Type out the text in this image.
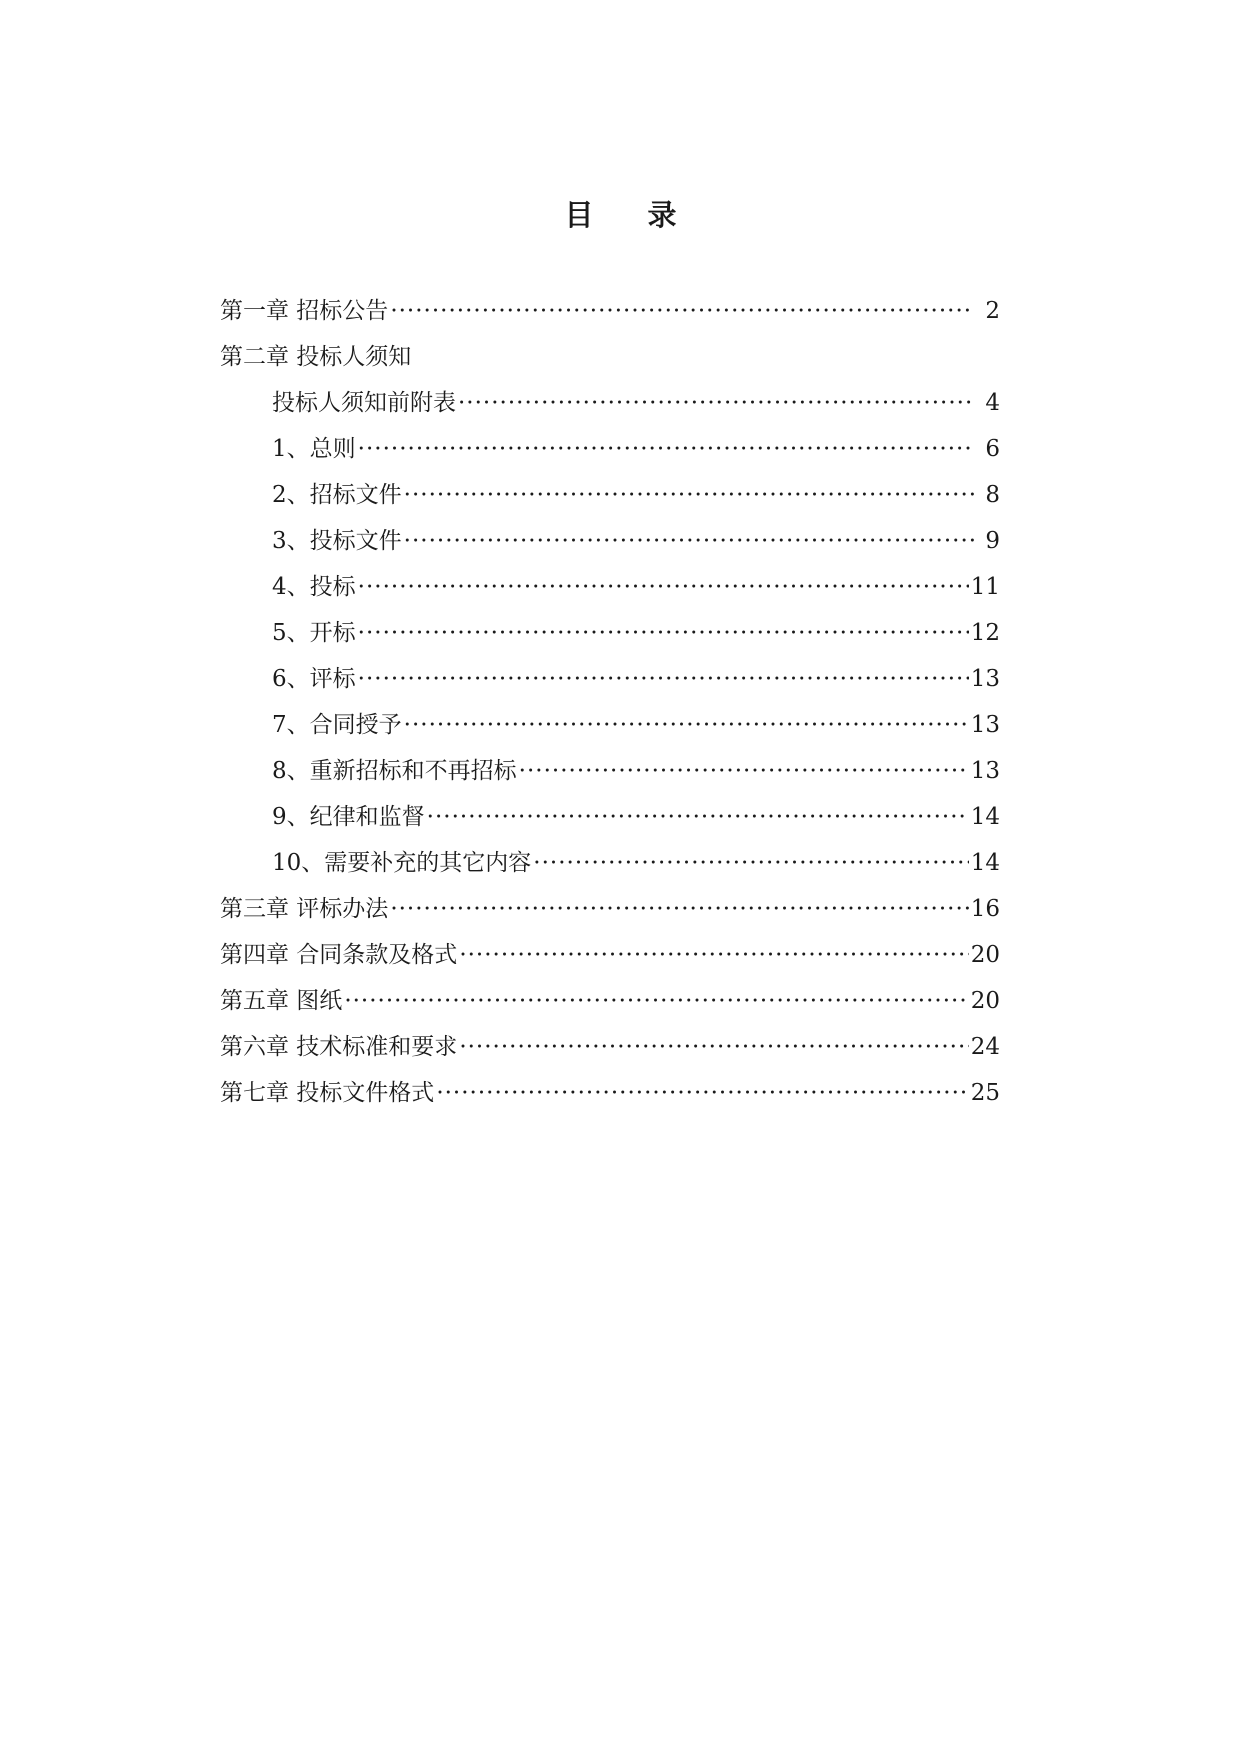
目 录
第一章 招标公告 ·····	2
第二章 投标人须知
投标人须知前附表 ·····	4
1、总则 ·····	6
2、招标文件 ·····	8
3、投标文件 ·····	9
4、投标 ·····	11
5、开标 ·····	12
6、评标 ·····	13
7、合同授予 ·····	13
8、重新招标和不再招标 ·····	13
9、纪律和监督 ·····	14
10、需要补充的其它内容 ·····	14
第三章 评标办法 ·····	16
第四章 合同条款及格式 ·····	20
第五章 图纸 ·····	20
第六章 技术标准和要求 ·····	24
第七章 投标文件格式 ·····	25
